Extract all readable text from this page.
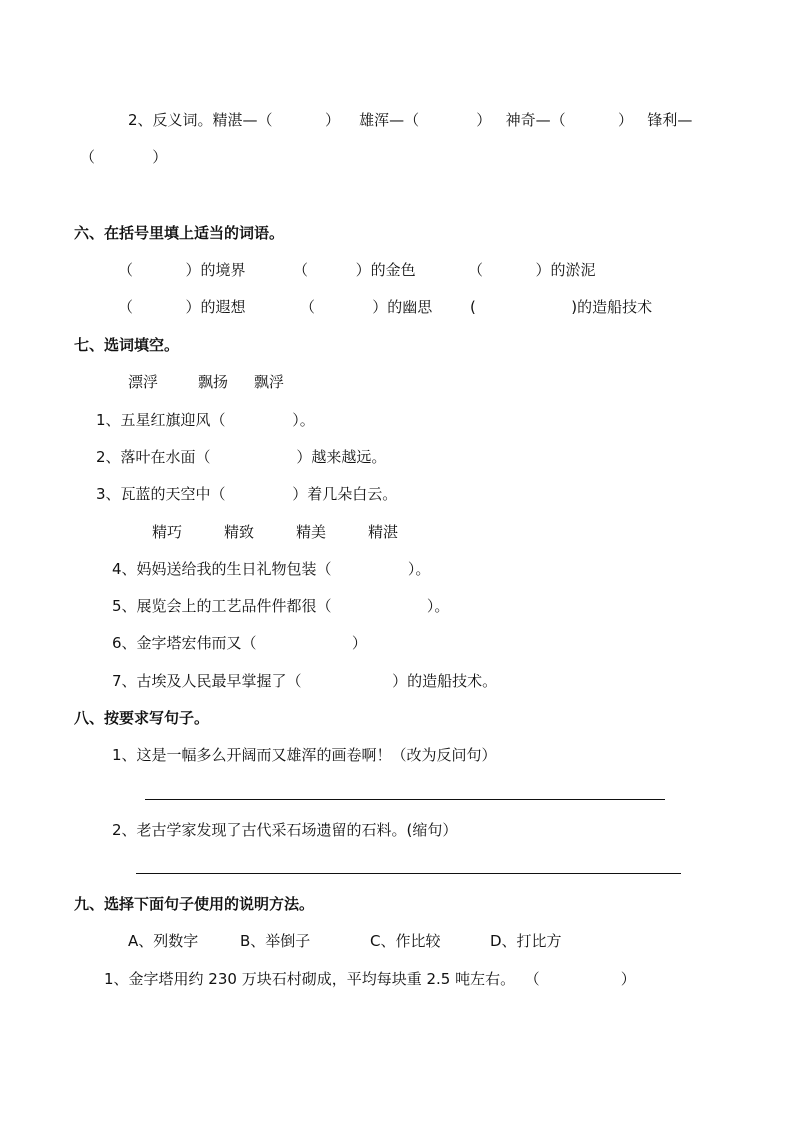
2、反义词。精湛—（           ）    雄浑—（            ）   神奇—（           ）   锋利—
（            ）
六、在括号里填上适当的词语。
（           ）的境界	（          ）的金色	（           ）的淤泥
（           ）的遐想	（            ）的幽思	(                    )的造船技术
七、选词填空。
漂浮	飘扬 飘浮
1、五星红旗迎风（              ）。
2、落叶在水面（                  ）越来越远。
3、瓦蓝的天空中（              ）着几朵白云。
精巧	精致	精美	精湛
4、妈妈送给我的生日礼物包装（                ）。
5、展览会上的工艺品件件都很（                    ）。
6、金字塔宏伟而又（                    ）
7、古埃及人民最早掌握了（                   ）的造船技术。
八、按要求写句子。
1、这是一幅多么开阔而又雄浑的画卷啊！（改为反问句）
2、老古学家发现了古代采石场遗留的石料。(缩句）
九、选择下面句子使用的说明方法。
A、列数字	B、举倒子	C、作比较	D、打比方
1、金字塔用约 230 万块石村砌成，平均每块重 2.5 吨左右。  （                 ）
